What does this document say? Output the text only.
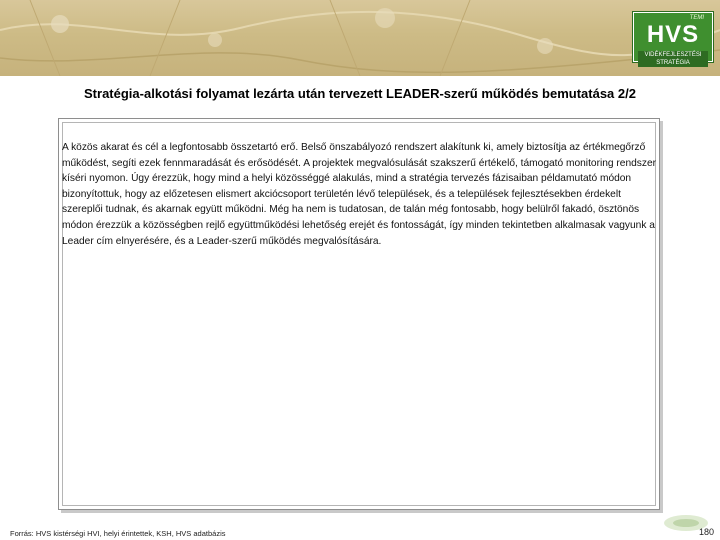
TEMI
HVS
VIDÉKFEJLESZTÉSI STRATÉGIA
Stratégia-alkotási folyamat lezárta után tervezett LEADER-szerű működés bemutatása 2/2

A közös akarat és cél a legfontosabb összetartó erő. Belső önszabályozó rendszert alakítunk ki, amely biztosítja az értékmegőrző működést, segíti ezek fennmaradását és erősödését. A projektek megvalósulását szakszerű értékelő, támogató monitoring rendszer kíséri nyomon. Úgy érezzük, hogy mind a helyi közösséggé alakulás, mind a stratégia tervezés fázisaiban példamutató módon bizonyítottuk, hogy az előzetesen elismert akciócsoport területén lévő települések, és a települések fejlesztésekben érdekelt szereplői tudnak, és akarnak együtt működni. Még ha nem is tudatosan, de talán még fontosabb, hogy belülről fakadó, ösztönös módon érezzük a közösségben rejlő együttműködési lehetőség erejét és fontosságát, így minden tekintetben alkalmasak vagyunk a Leader cím elnyerésére, és a Leader-szerű működés megvalósítására.

Forrás: HVS kistérségi HVI, helyi érintettek, KSH, HVS adatbázis	180
